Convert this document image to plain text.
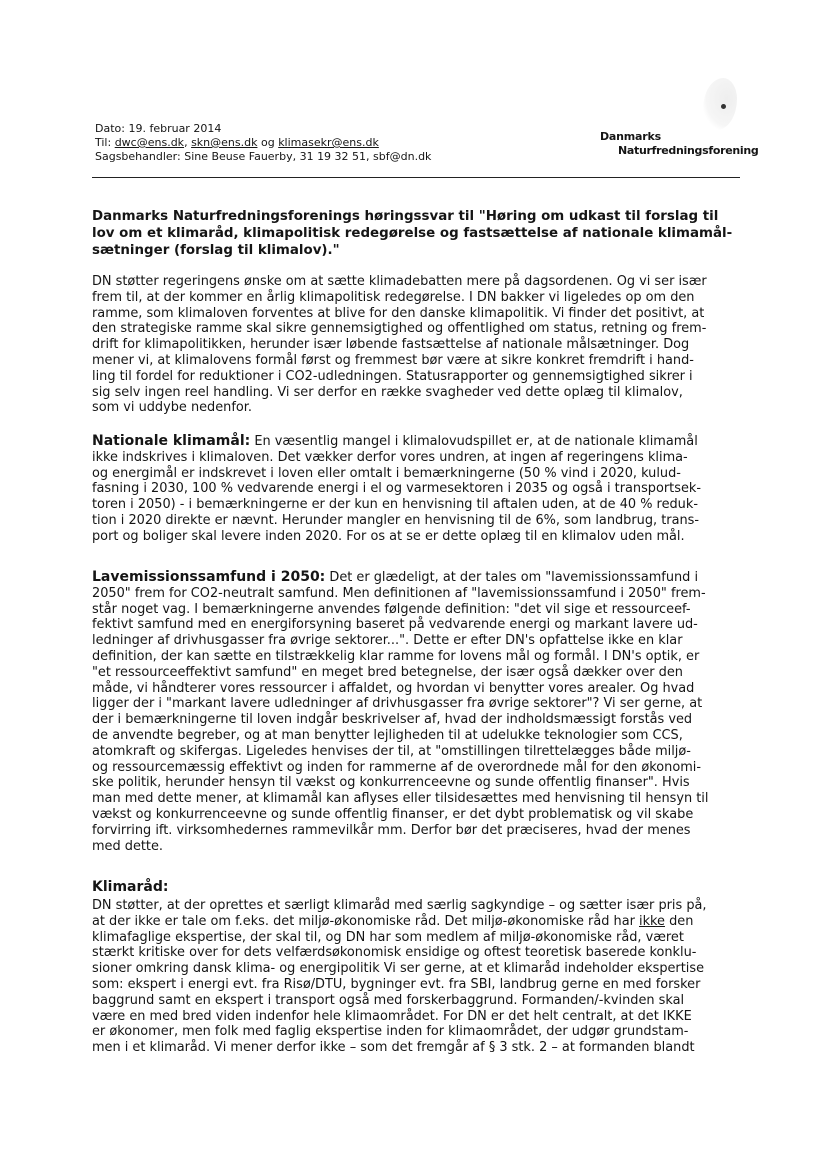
Dato: 19. februar 2014
Til: dwc@ens.dk, skn@ens.dk og klimasekr@ens.dk
Sagsbehandler: Sine Beuse Fauerby, 31 19 32 51, sbf@dn.dk
Danmarks
Naturfredningsforening
Danmarks Naturfredningsforenings høringssvar til "Høring om udkast til forslag til
lov om et klimaråd, klimapolitisk redegørelse og fastsættelse af nationale klimamål-
sætninger (forslag til klimalov)."
DN støtter regeringens ønske om at sætte klimadebatten mere på dagsordenen. Og vi ser især
frem til, at der kommer en årlig klimapolitisk redegørelse. I DN bakker vi ligeledes op om den
ramme, som klimaloven forventes at blive for den danske klimapolitik. Vi finder det positivt, at
den strategiske ramme skal sikre gennemsigtighed og offentlighed om status, retning og frem-
drift for klimapolitikken, herunder især løbende fastsættelse af nationale målsætninger. Dog
mener vi, at klimalovens formål først og fremmest bør være at sikre konkret fremdrift i hand-
ling til fordel for reduktioner i CO2-udledningen. Statusrapporter og gennemsigtighed sikrer i
sig selv ingen reel handling. Vi ser derfor en række svagheder ved dette oplæg til klimalov,
som vi uddybe nedenfor.
Nationale klimamål: En væsentlig mangel i klimalovudspillet er, at de nationale klimamål
ikke indskrives i klimaloven. Det vækker derfor vores undren, at ingen af regeringens klima-
og energimål er indskrevet i loven eller omtalt i bemærkningerne (50 % vind i 2020, kulud-
fasning i 2030, 100 % vedvarende energi i el og varmesektoren i 2035 og også i transportsek-
toren i 2050) - i bemærkningerne er der kun en henvisning til aftalen uden, at de 40 % reduk-
tion i 2020 direkte er nævnt. Herunder mangler en henvisning til de 6%, som landbrug, trans-
port og boliger skal levere inden 2020. For os at se er dette oplæg til en klimalov uden mål.
Lavemissionssamfund i 2050: Det er glædeligt, at der tales om "lavemissionssamfund i
2050" frem for CO2-neutralt samfund. Men definitionen af "lavemissionssamfund i 2050" frem-
står noget vag. I bemærkningerne anvendes følgende definition: "det vil sige et ressourceef-
fektivt samfund med en energiforsyning baseret på vedvarende energi og markant lavere ud-
ledninger af drivhusgasser fra øvrige sektorer...". Dette er efter DN's opfattelse ikke en klar
definition, der kan sætte en tilstrækkelig klar ramme for lovens mål og formål. I DN's optik, er
"et ressourceeffektivt samfund" en meget bred betegnelse, der især også dækker over den
måde, vi håndterer vores ressourcer i affaldet, og hvordan vi benytter vores arealer. Og hvad
ligger der i "markant lavere udledninger af drivhusgasser fra øvrige sektorer"? Vi ser gerne, at
der i bemærkningerne til loven indgår beskrivelser af, hvad der indholdsmæssigt forstås ved
de anvendte begreber, og at man benytter lejligheden til at udelukke teknologier som CCS,
atomkraft og skifergas. Ligeledes henvises der til, at "omstillingen tilrettelægges både miljø-
og ressourcemæssig effektivt og inden for rammerne af de overordnede mål for den økonomi-
ske politik, herunder hensyn til vækst og konkurrenceevne og sunde offentlig finanser". Hvis
man med dette mener, at klimamål kan aflyses eller tilsidesættes med henvisning til hensyn til
vækst og konkurrenceevne og sunde offentlig finanser, er det dybt problematisk og vil skabe
forvirring ift. virksomhedernes rammevilkår mm. Derfor bør det præciseres, hvad der menes
med dette.
Klimaråd:
DN støtter, at der oprettes et særligt klimaråd med særlig sagkyndige – og sætter især pris på,
at der ikke er tale om f.eks. det miljø-økonomiske råd. Det miljø-økonomiske råd har ikke den
klimafaglige ekspertise, der skal til, og DN har som medlem af miljø-økonomiske råd, været
stærkt kritiske over for dets velfærdsøkonomisk ensidige og oftest teoretisk baserede konklu-
sioner omkring dansk klima- og energipolitik Vi ser gerne, at et klimaråd indeholder ekspertise
som: ekspert i energi evt. fra Risø/DTU, bygninger evt. fra SBI, landbrug gerne en med forsker
baggrund samt en ekspert i transport også med forskerbaggrund. Formanden/-kvinden skal
være en med bred viden indenfor hele klimaområdet. For DN er det helt centralt, at det IKKE
er økonomer, men folk med faglig ekspertise inden for klimaområdet, der udgør grundstam-
men i et klimaråd. Vi mener derfor ikke – som det fremgår af § 3 stk. 2 – at formanden blandt
